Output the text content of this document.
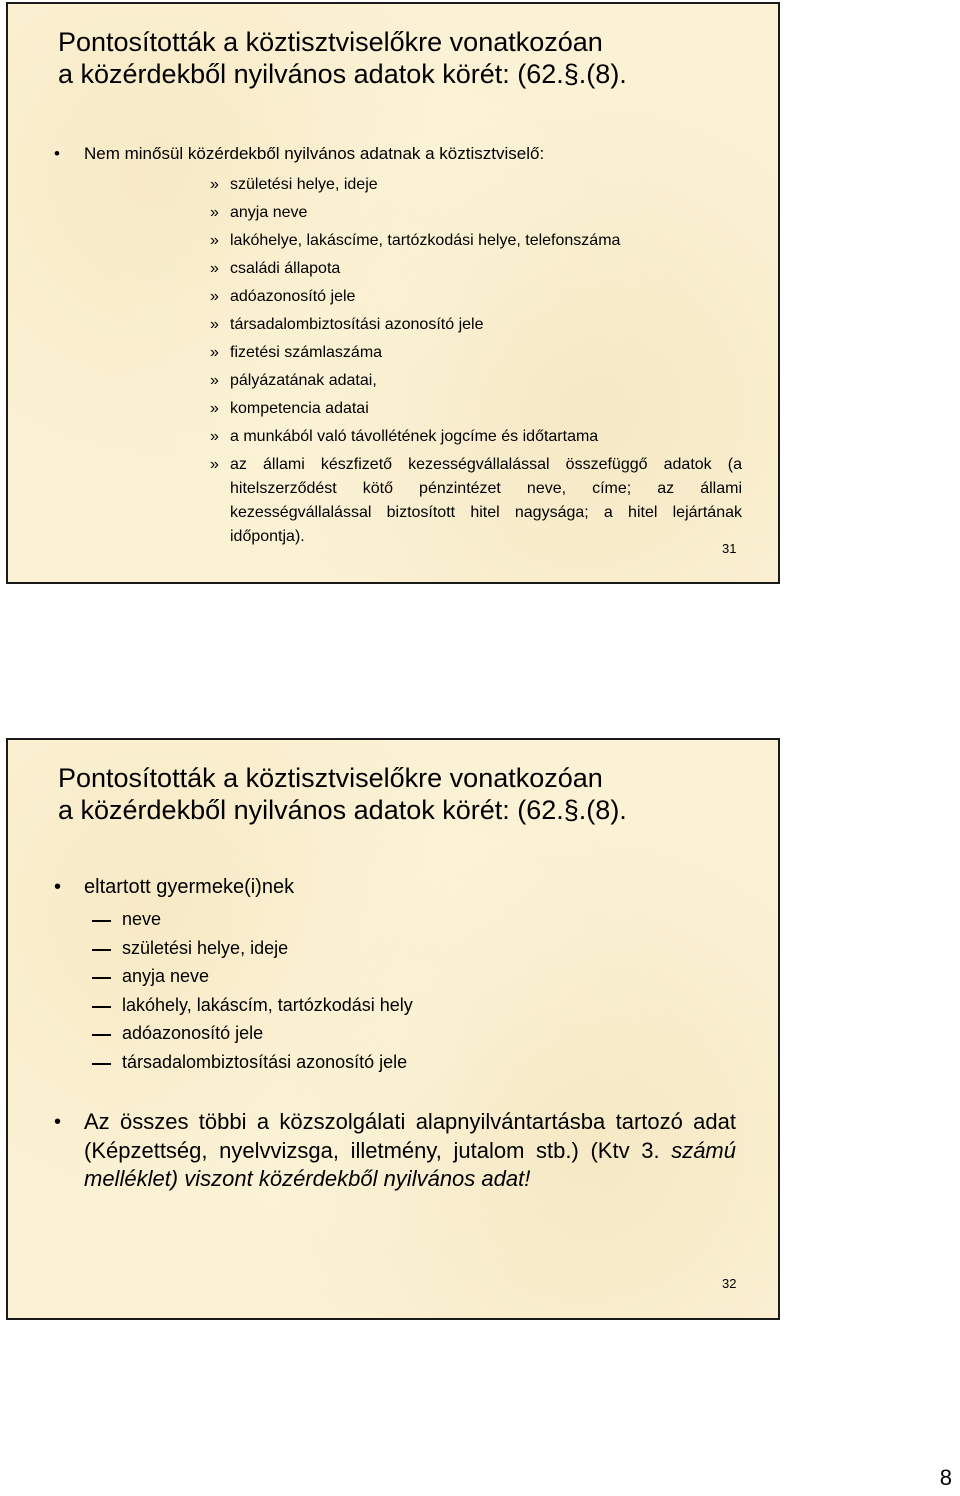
Pontosították a köztisztviselőkre vonatkozóan
a közérdekből nyilvános adatok körét: (62.§.(8).
• Nem minősül közérdekből nyilvános adatnak a köztisztviselő:
» születési helye, ideje
» anyja neve
» lakóhelye, lakáscíme, tartózkodási helye, telefonszáma
» családi állapota
» adóazonosító jele
» társadalombiztosítási azonosító jele
» fizetési számlaszáma
» pályázatának adatai,
» kompetencia adatai
» a munkából való távollétének jogcíme és időtartama
» az állami készfizető kezességvállalással összefüggő adatok (a hitelszerződést kötő pénzintézet neve, címe; az állami kezességvállalással biztosított hitel nagysága; a hitel lejártának időpontja).
31
Pontosították a köztisztviselőkre vonatkozóan
a közérdekből nyilvános adatok körét: (62.§.(8).
• eltartott gyermeke(i)nek
neve
születési helye, ideje
anyja neve
lakóhely, lakáscím, tartózkodási hely
adóazonosító jele
társadalombiztosítási azonosító jele
• Az összes többi a közszolgálati alapnyilvántartásba tartozó adat (Képzettség, nyelvvizsga, illetmény, jutalom stb.) (Ktv 3. számú melléklet) viszont közérdekből nyilvános adat!
32
8
